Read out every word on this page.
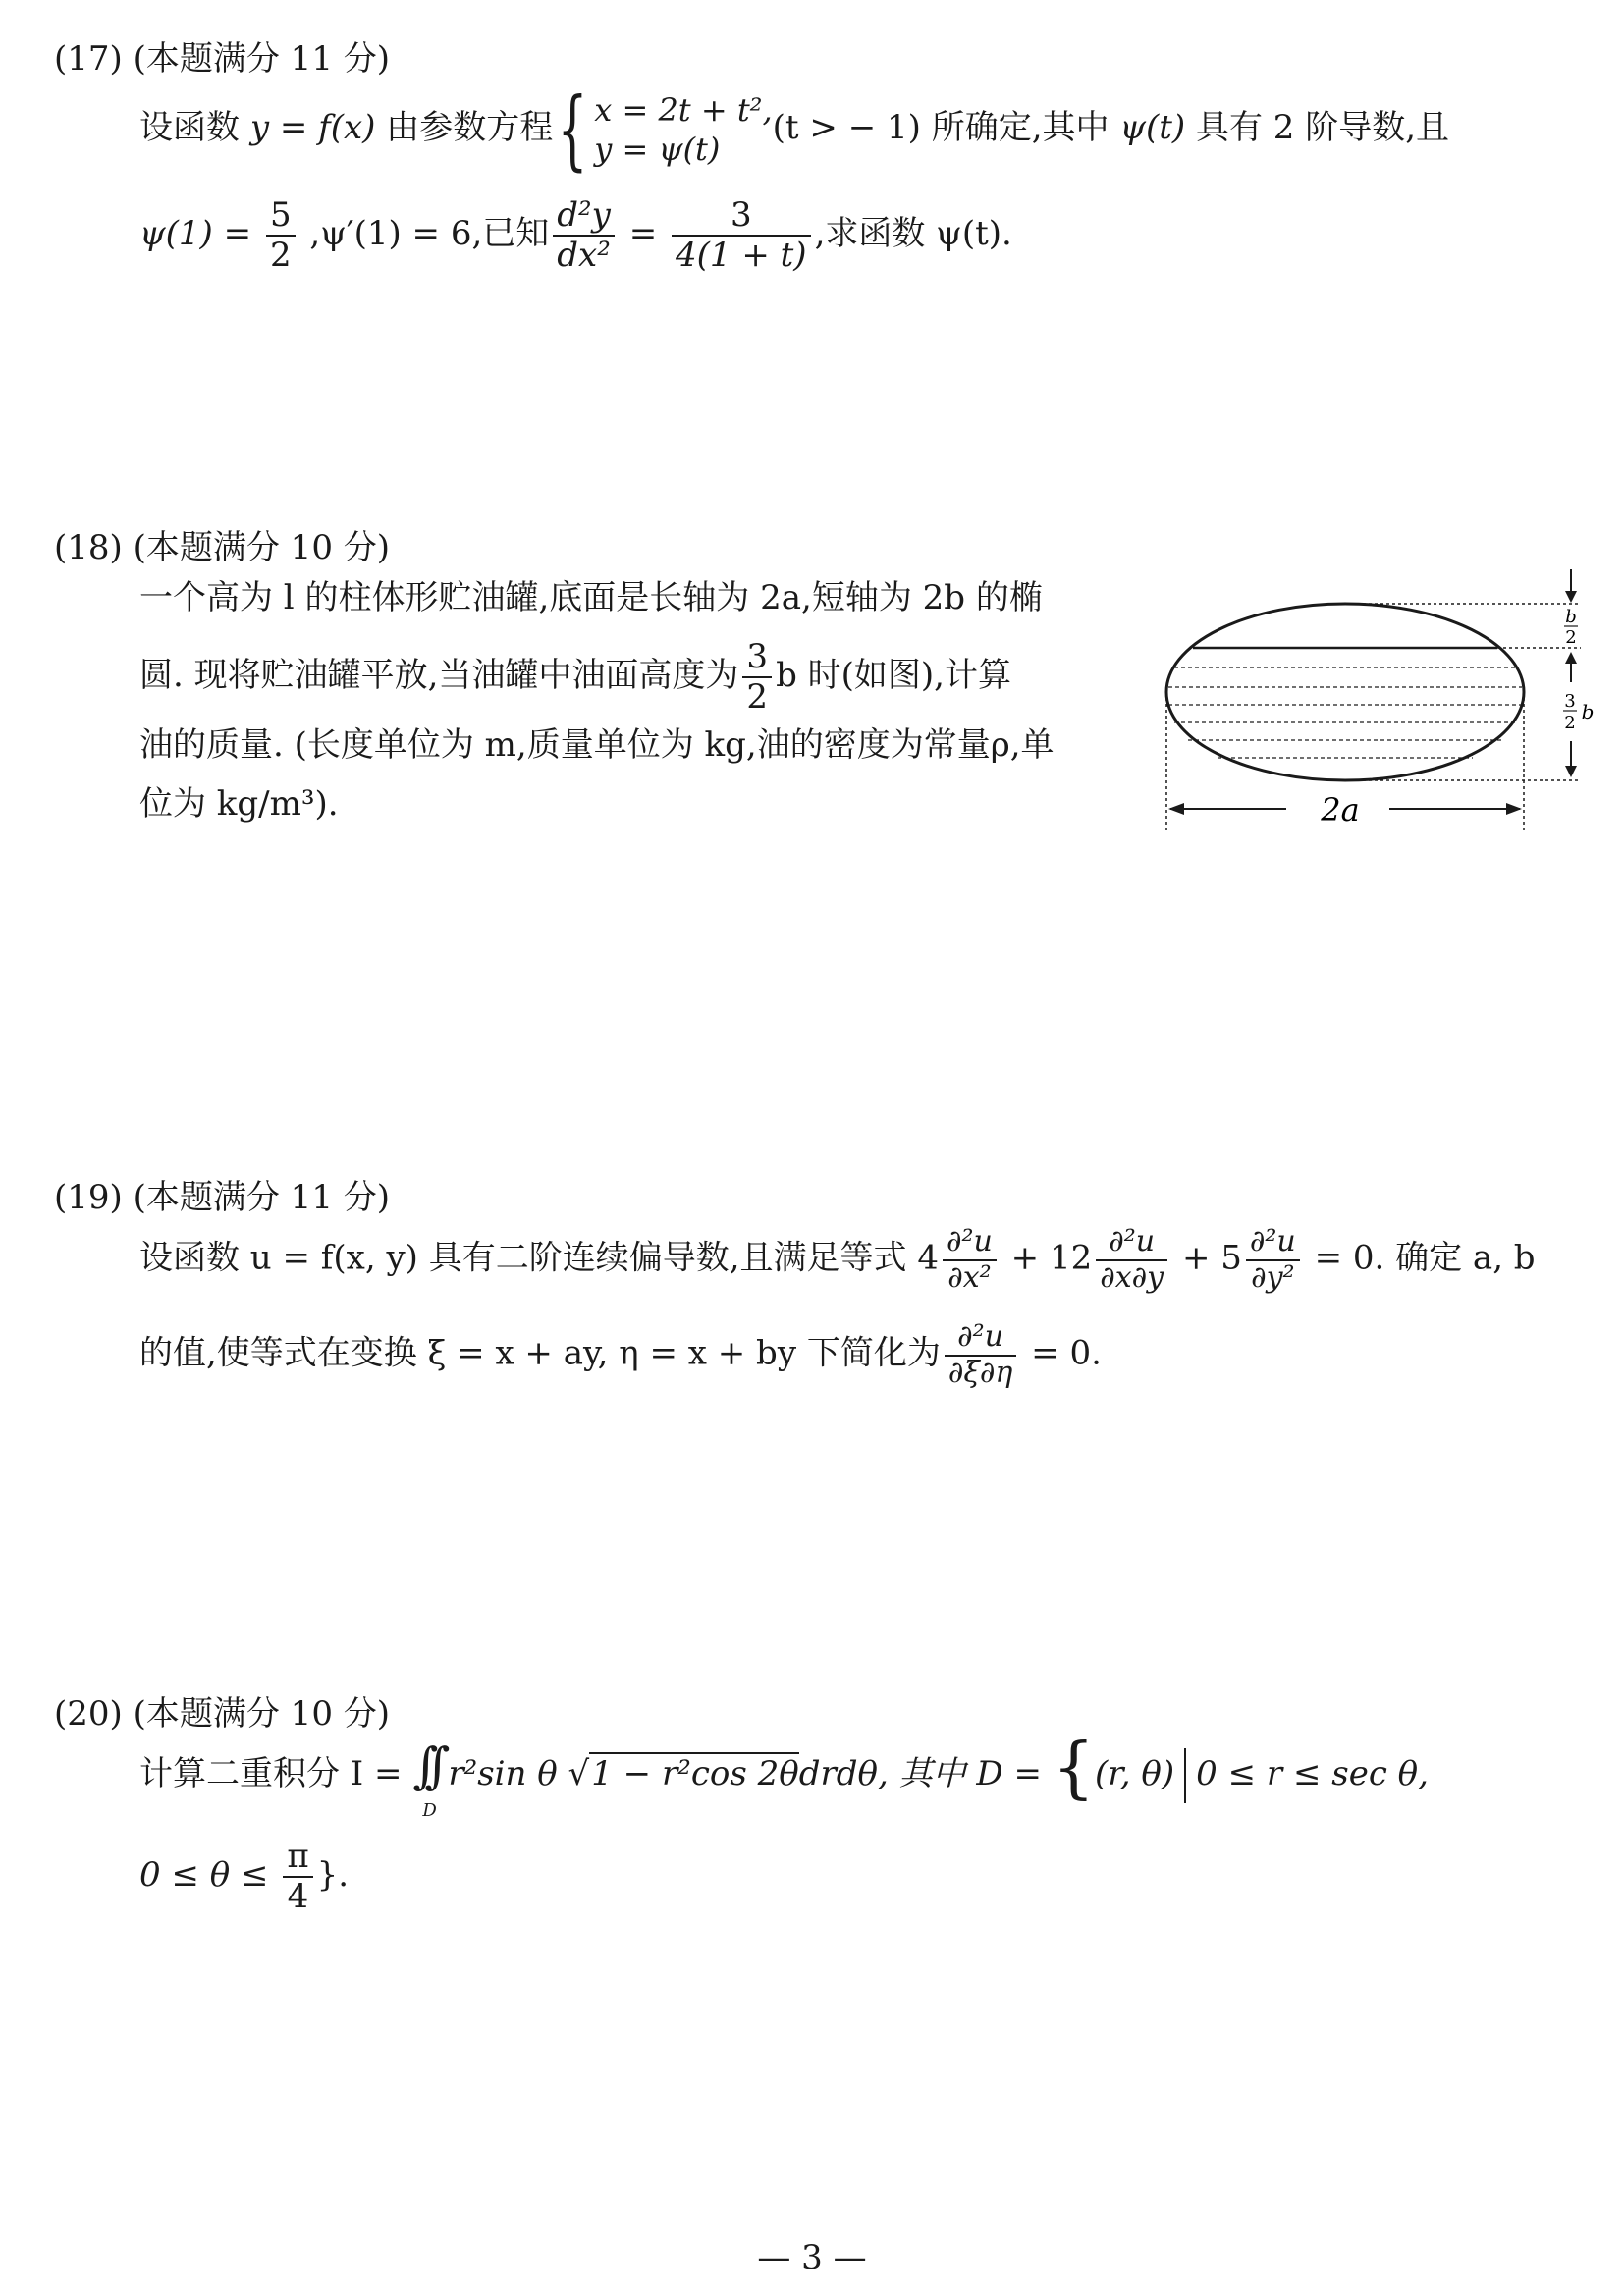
(17) (本题满分 11 分)
设函数 y = f(x) 由参数方程{ x = 2t + t²,
y = ψ(t)
(t > − 1) 所确定,其中 ψ(t) 具有 2 阶导数,且
$\psi(1) = \frac{5}{2} ,\psi'(1) = 6$,已知 $\frac{\text{d²y}}{\text{dx²}} = \frac{3}{4(1 + t)}$ ,求函数 ψ(t).
(18) (本题满分 10 分)
一个高为 l 的柱体形贮油罐,底面是长轴为 2a,短轴为 2b 的椭
圆. 现将贮油罐平放,当油罐中油面高度为 $\frac{3}{2}$ b 时(如图),计算
油的质量. (长度单位为 m,质量单位为 kg,油的密度为常量ρ,单
位为 kg/m³).
b
2
3
2 b
2a
(19) (本题满分 11 分)
设函数 u = f(x, y) 具有二阶连续偏导数,且满足等式 $4 \frac{\text{∂²u}}{\text{∂x²}} + 12 \frac{\text{∂²u}}{\partial x\partial y} + 5 \frac{\text{∂²u}}{\text{∂y²}} = 0$. 确定 a, b
的值,使等式在变换 ξ = x + ay, η = x + by 下简化为 $\frac{\text{∂²u}}{\partial\xi\partial\eta} = 0$.
(20) (本题满分 10 分)
计算二重积分 I = ∫∫
D
r²sin θ √1 − r²cos 2θdrdθ, 其中 D = {(r, θ) 0 ≤ r ≤ sec θ,
$0 \le \theta \le \frac{\pi}{4}$ }.
— 3 —
